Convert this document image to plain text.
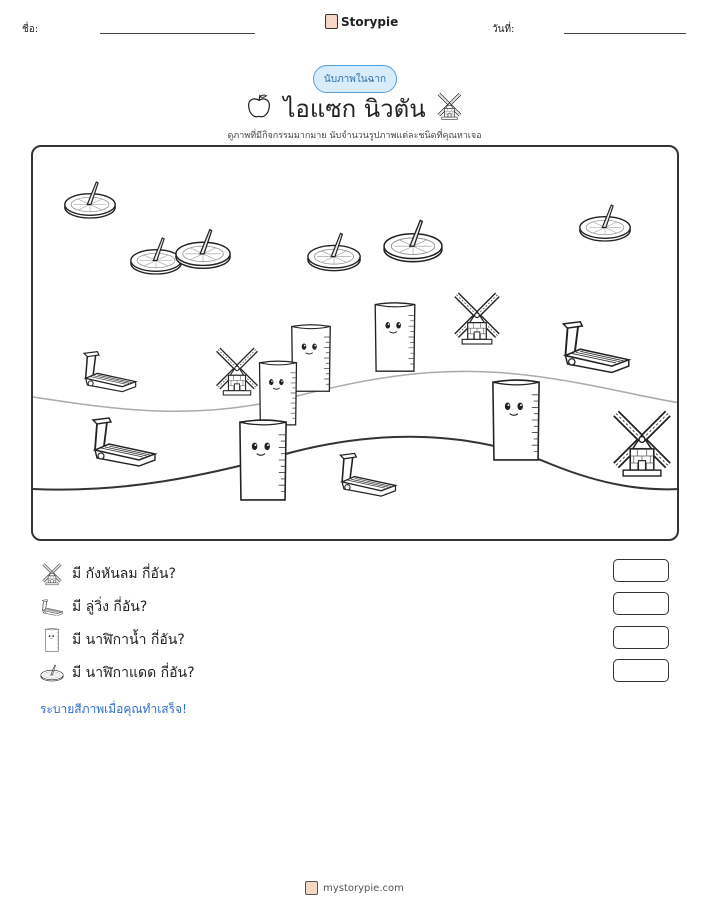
ชื่อ:
Storypie
วันที่:
นับภาพในฉาก
ไอแซก นิวตัน
ดูภาพที่มีกิจกรรมมากมาย นับจำนวนรูปภาพแต่ละชนิดที่คุณหาเจอ
มี กังหันลม กี่อัน?
มี ลู่วิ่ง กี่อัน?
มี นาฬิกาน้ำ กี่อัน?
มี นาฬิกาแดด กี่อัน?
ระบายสีภาพเมื่อคุณทำเสร็จ!
mystorypie.com
